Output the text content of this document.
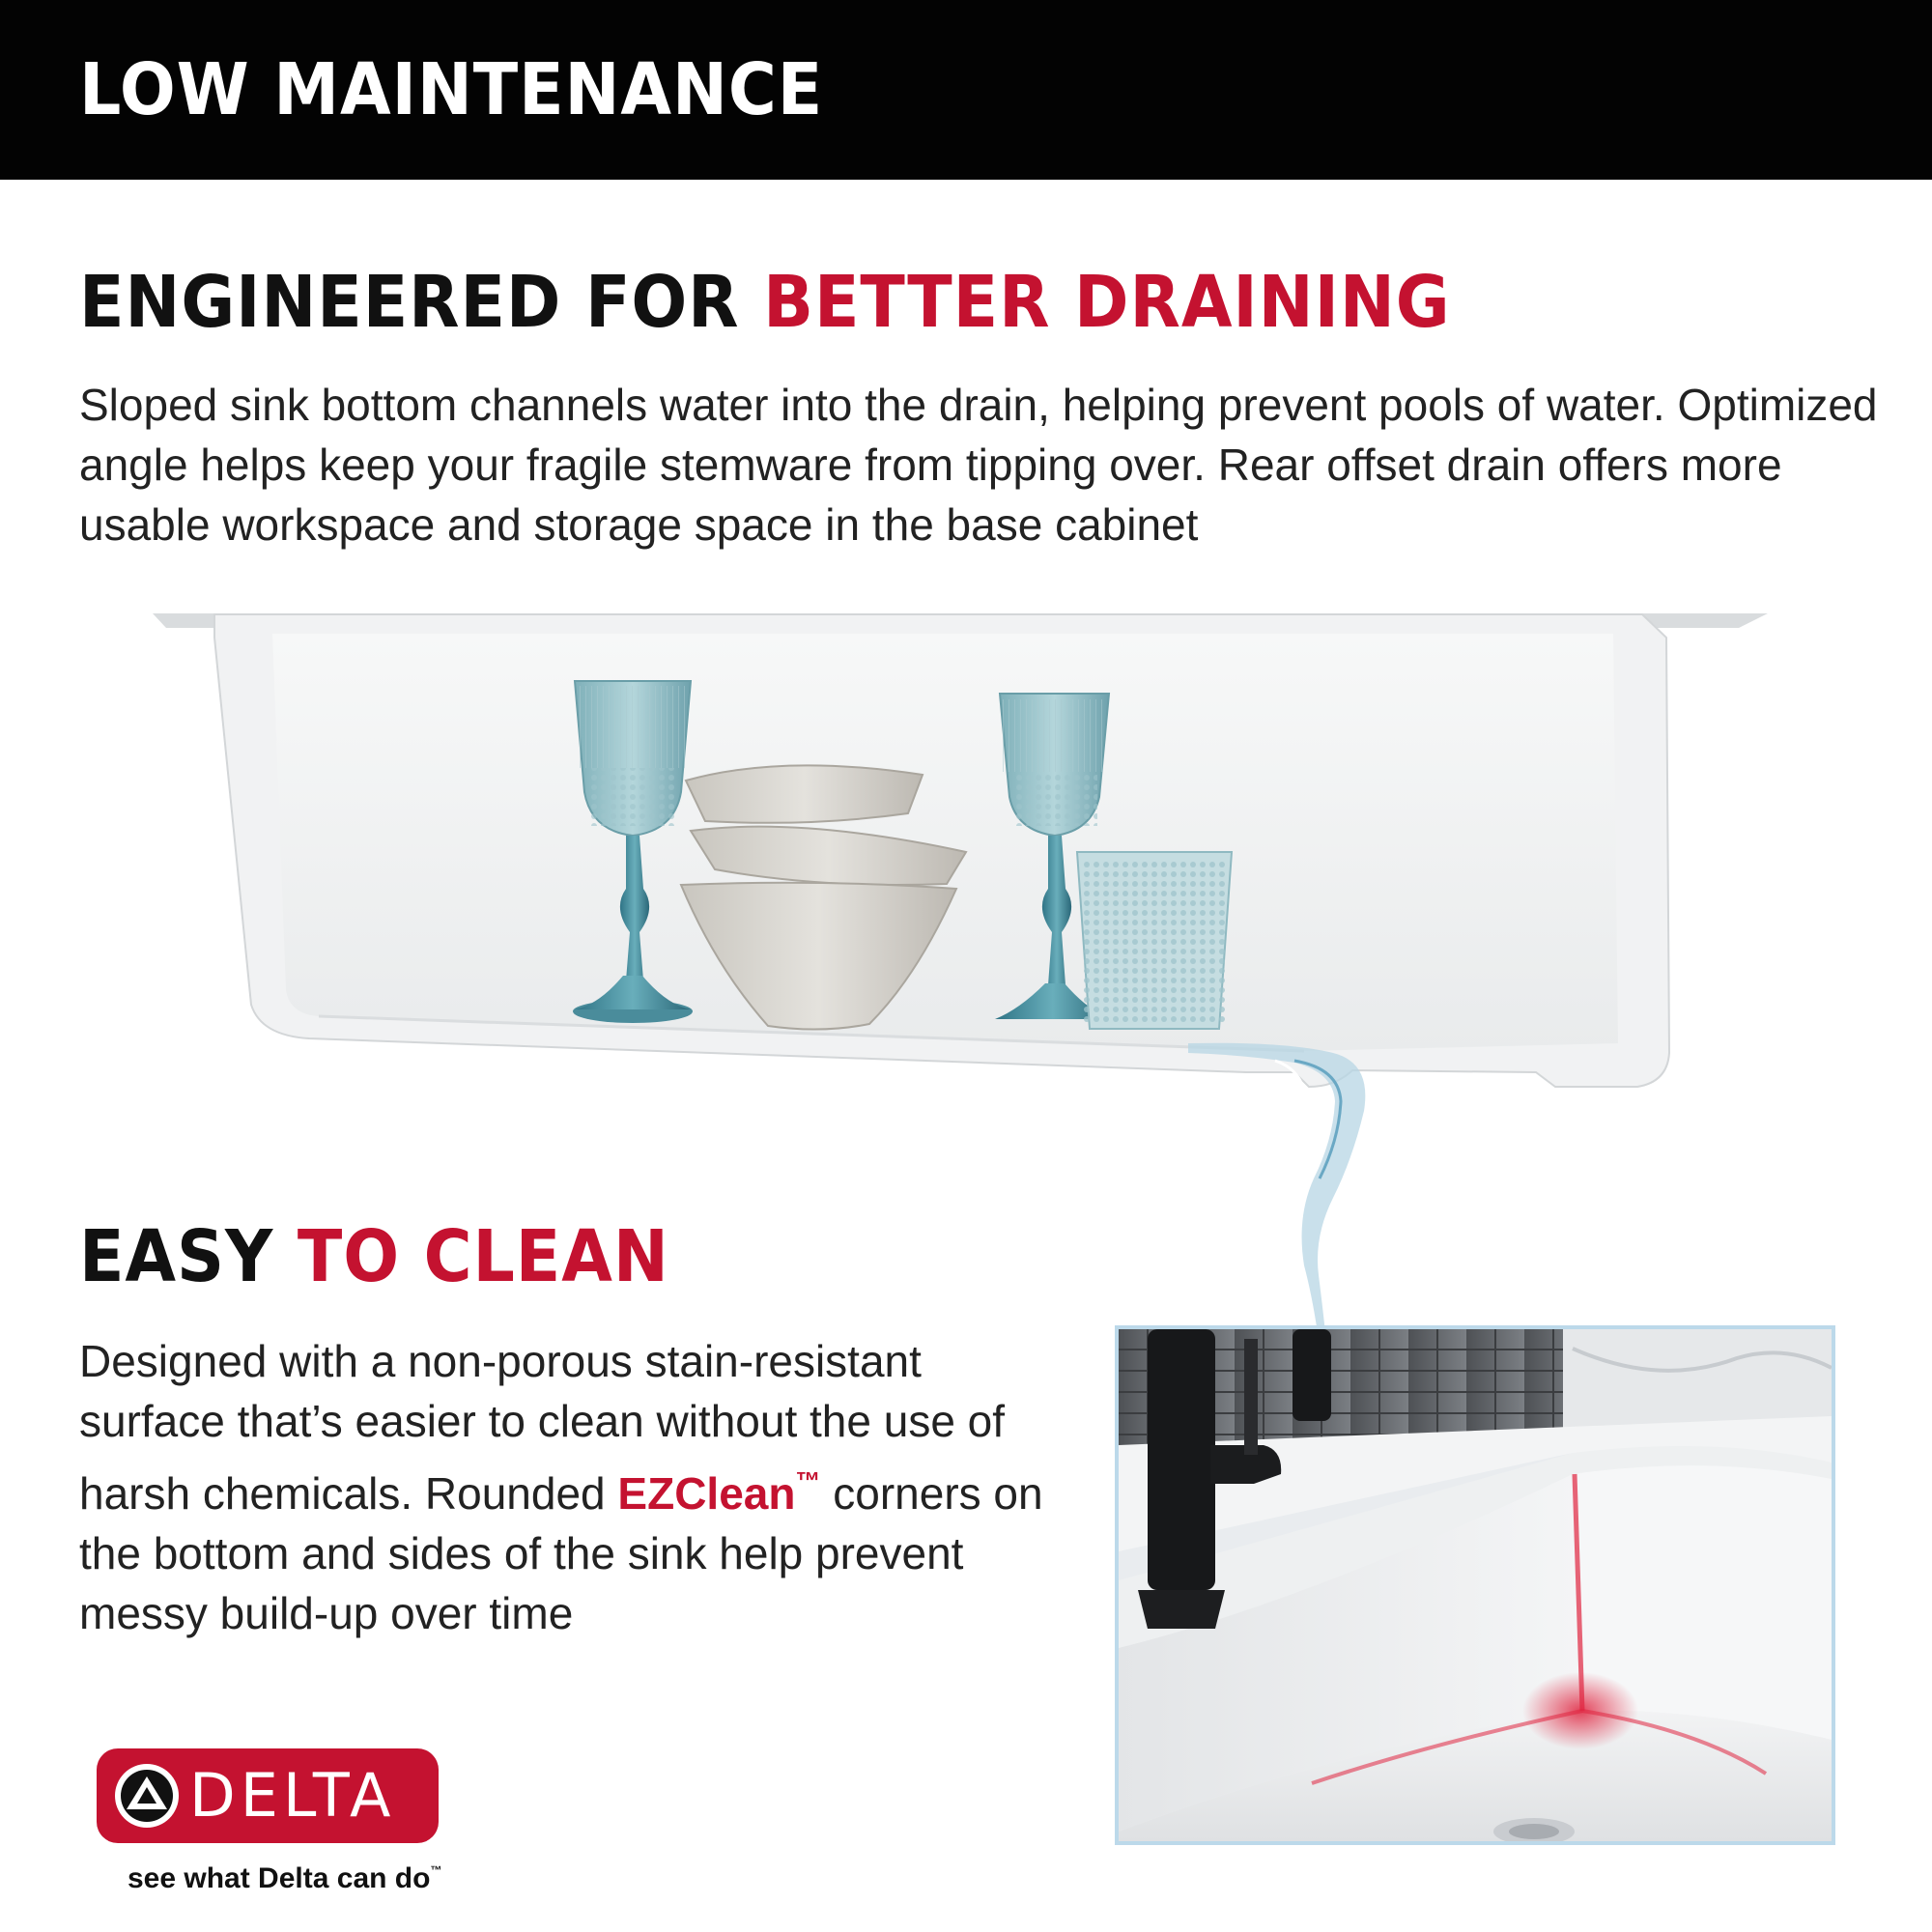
LOW MAINTENANCE
ENGINEERED FOR BETTER DRAINING
Sloped sink bottom channels water into the drain, helping prevent pools of water. Optimized angle helps keep your fragile stemware from tipping over. Rear offset drain offers more usable workspace and storage space in the base cabinet
EASY TO CLEAN
Designed with a non-porous stain-resistant surface that’s easier to clean without the use of harsh chemicals. Rounded EZClean™ corners on the bottom and sides of the sink help prevent messy build-up over time
DELTA
see what Delta can do™
